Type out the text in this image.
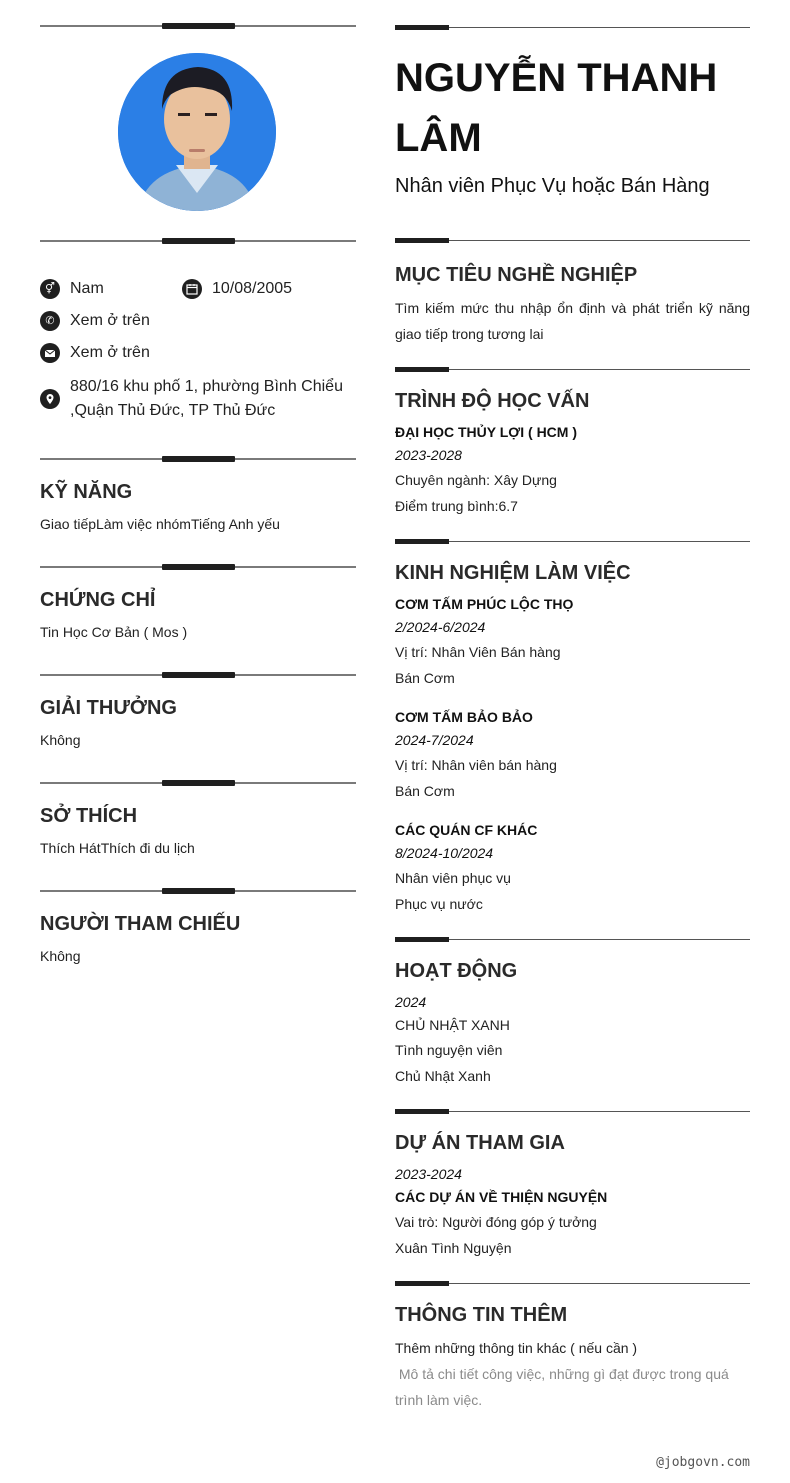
⚥ Nam	10/08/2005
✆ Xem ở trên
Xem ở trên
880/16 khu phố 1, phường Bình Chiểu
,Quận Thủ Đức, TP Thủ Đức
KỸ NĂNG
Giao tiếpLàm việc nhómTiếng Anh yếu
CHỨNG CHỈ
Tin Học Cơ Bản ( Mos )
GIẢI THƯỞNG
Không
SỞ THÍCH
Thích HátThích đi du lịch
NGƯỜI THAM CHIẾU
Không
NGUYỄN THANH LÂM
Nhân viên Phục Vụ hoặc Bán Hàng
MỤC TIÊU NGHỀ NGHIỆP
Tìm kiếm mức thu nhập ổn định và phát triển kỹ năng giao tiếp trong tương lai
TRÌNH ĐỘ HỌC VẤN
ĐẠI HỌC THỦY LỢI ( HCM )
2023-2028
Chuyên ngành: Xây Dựng
Điểm trung bình:6.7
KINH NGHIỆM LÀM VIỆC
CƠM TẤM PHÚC LỘC THỌ
2/2024-6/2024
Vị trí: Nhân Viên Bán hàng
Bán Cơm
CƠM TẤM BẢO BẢO
2024-7/2024
Vị trí: Nhân viên bán hàng
Bán Cơm
CÁC QUÁN CF KHÁC
8/2024-10/2024
Nhân viên phục vụ
Phục vụ nước
HOẠT ĐỘNG
2024
CHỦ NHẬT XANH
Tình nguyện viên
Chủ Nhật Xanh
DỰ ÁN THAM GIA
2023-2024
CÁC DỰ ÁN VỀ THIỆN NGUYỆN
Vai trò: Người đóng góp ý tưởng
Xuân Tình Nguyện
THÔNG TIN THÊM
Thêm những thông tin khác ( nếu cần )
Mô tả chi tiết công việc, những gì đạt được trong quá trình làm việc.
@jobgovn.com
